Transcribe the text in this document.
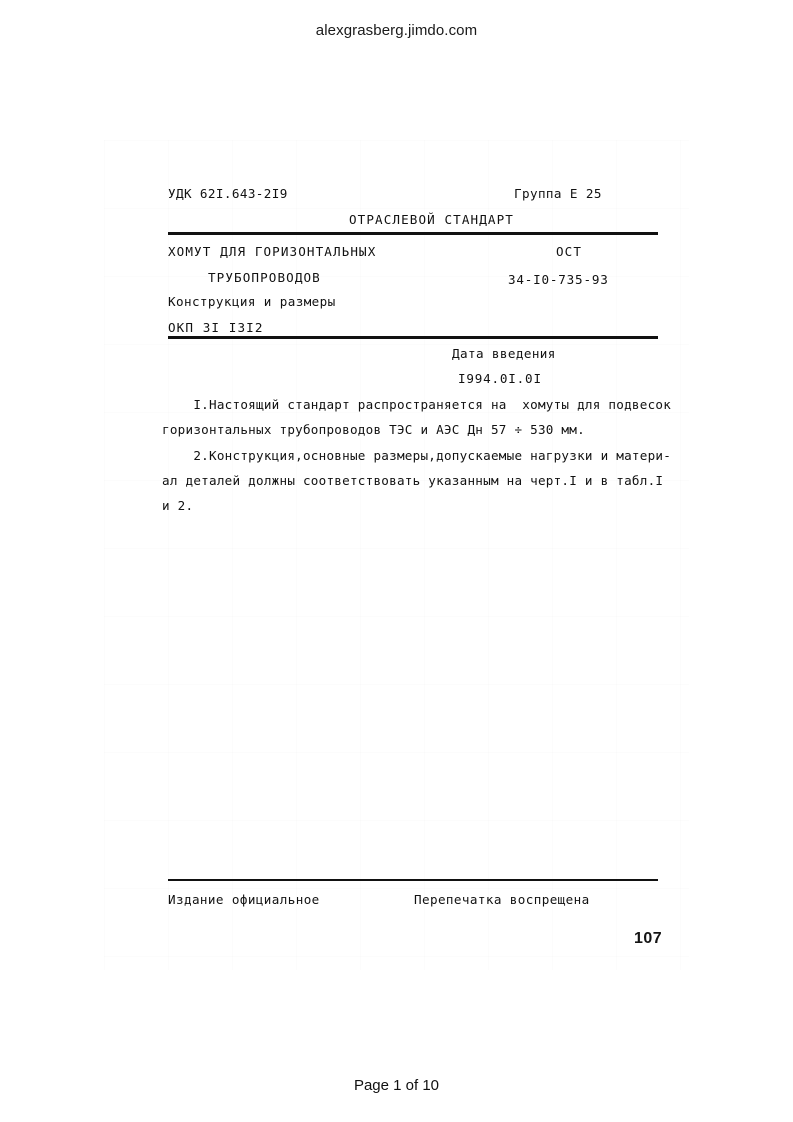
alexgrasberg.jimdo.com
УДК 62I.643-2I9	Группа Е 25
ОТРАСЛЕВОЙ СТАНДАРТ
ХОМУТ ДЛЯ ГОРИЗОНТАЛЬНЫХ
ТРУБОПРОВОДОВ
Конструкция и размеры
ОКП 3I I3I2
ОСТ
34-I0-735-93
Дата введения
I994.0I.0I
I.Настоящий стандарт распространяется на  хомуты для подвесок
горизонтальных трубопроводов ТЭС и АЭС Дн 57 ÷ 530 мм.
2.Конструкция,основные размеры,допускаемые нагрузки и матери-
ал деталей должны соответствовать указанным на черт.I и в табл.I
и 2.
Издание официальное	Перепечатка воспрещена
107
Page 1 of 10
